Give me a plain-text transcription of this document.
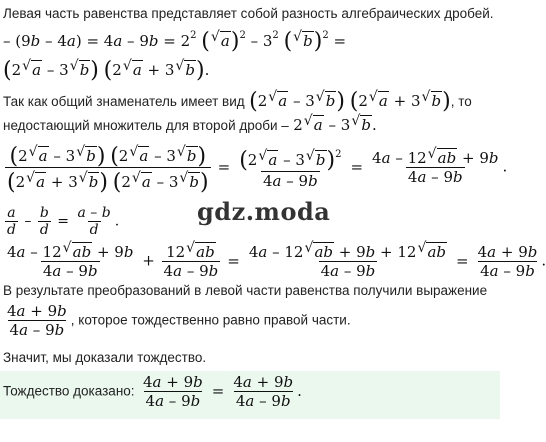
Левая часть равенства представляет собой разность алгебраических дробей.
– $(9b - 4a) = 4a - 9b = 2^2$ ( √ $a)^2 - 3^2$ ( √ b)$^2$ =
(2 √ a – 3 √ b) (2 √ a + 3 √ b).
Так как общий знаменатель имеет вид (2 √ a – 3 √ b) (2 √ a + 3 √ b), то
недостающий множитель для второй дроби – 2 √ a – 3 √ b.
$\frac{(2 √ a - 3 √ b) (2 √ a - 3 √ b)}{(2 √ a + 3 √ b) (2 √ a - 3 √ b)} = \frac{(2 √ a - 3 √ b)^2}{4a - 9b} = \frac{4a - 12 √ ab + 9b}{4a - 9b}$ .
$\frac{a}{d} - \frac{b}{d} = \frac{a - b}{d}$ .	gdz.moda
$\frac{4a - 12 √ ab + 9b}{4a - 9b} + \frac{12 √ ab}{4a - 9b} = \frac{4a - 12 √ ab + 9b + 12 √ ab}{4a - 9b} = \frac{4a + 9b}{4a - 9b}$ .
В результате преобразований в левой части равенства получили выражение
$\frac{4a + 9b}{4a - 9b}$ , которое тождественно равно правой части.
Значит, мы доказали тождество.
Тождество доказано: $\frac{4a + 9b}{4a - 9b} = \frac{4a + 9b}{4a - 9b}$ .
